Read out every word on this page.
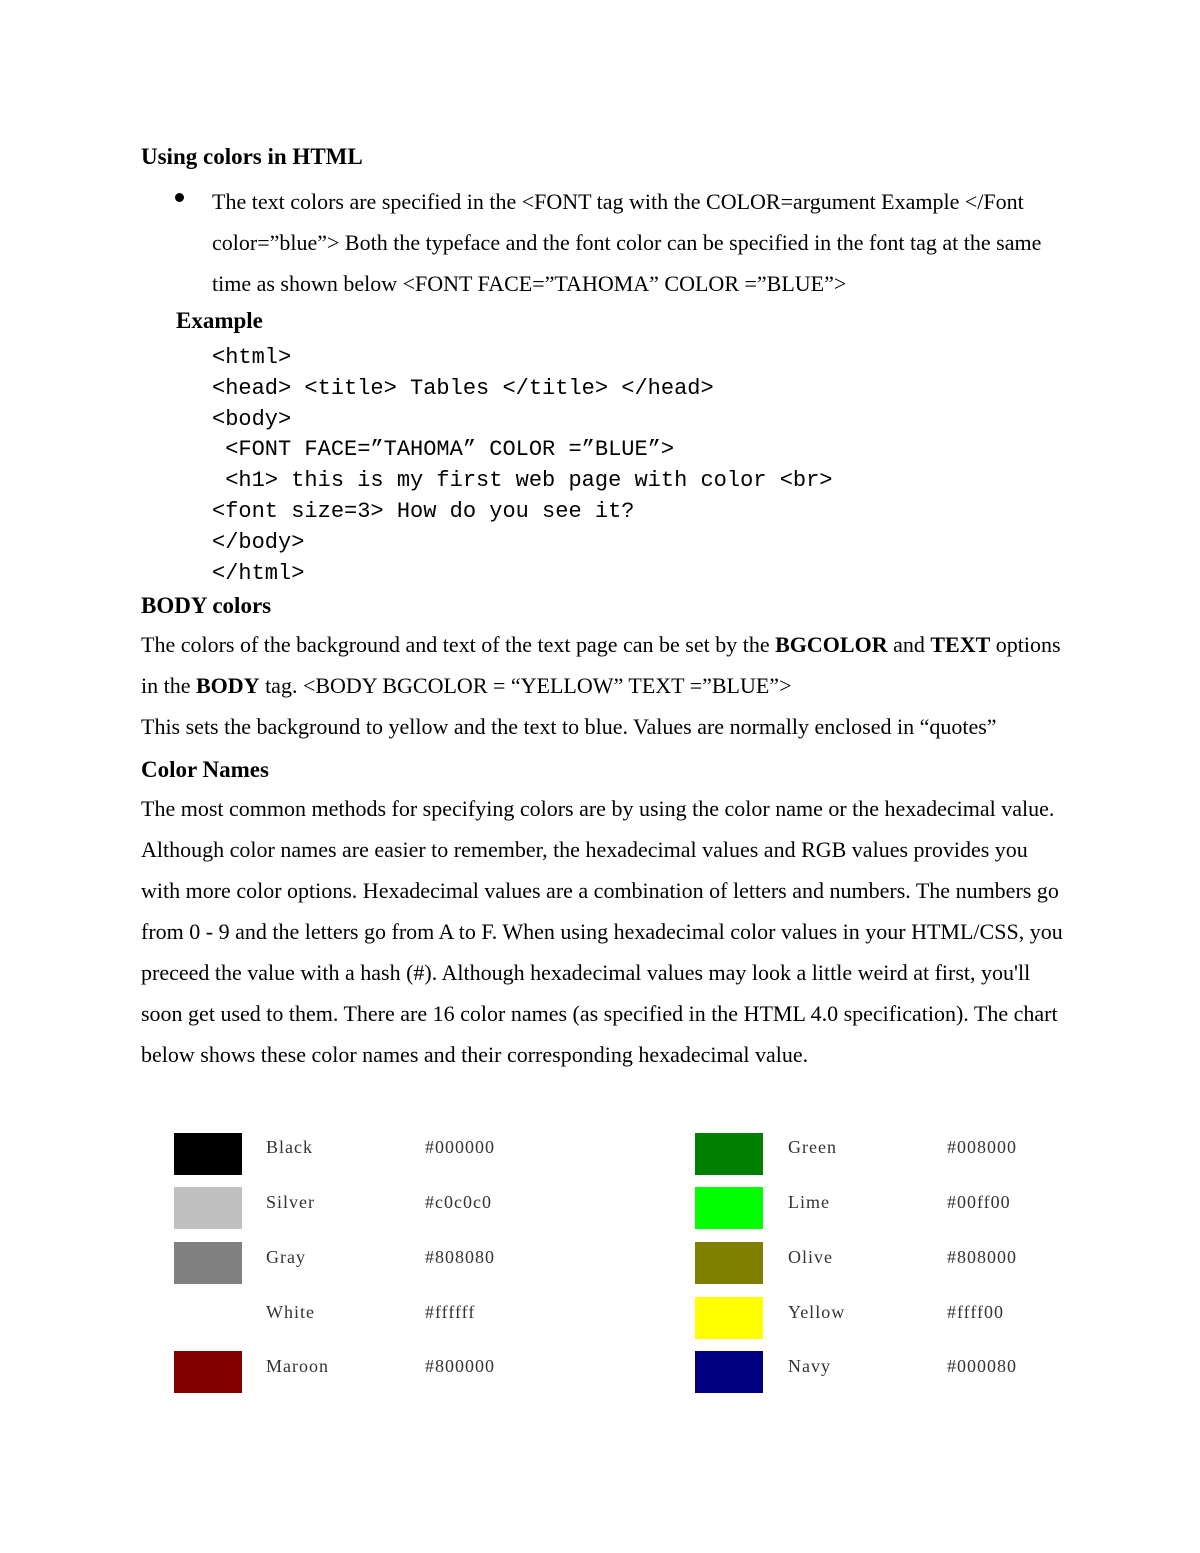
Using colors in HTML
The text colors are specified in the <FONT tag with the COLOR=argument Example </Font color=”blue”> Both the typeface and the font color can be specified in the font tag at the same time as shown below <FONT FACE=”TAHOMA” COLOR =”BLUE”>
Example
<html>
<head> <title> Tables </title> </head>
<body>
<FONT FACE=”TAHOMA” COLOR =”BLUE”>
<h1> this is my first web page with color <br>
<font size=3> How do you see it?
</body>
</html>
BODY colors
The colors of the background and text of the text page can be set by the BGCOLOR and TEXT options in the BODY tag. <BODY BGCOLOR = “YELLOW” TEXT =”BLUE”>
This sets the background to yellow and the text to blue. Values are normally enclosed in “quotes”
Color Names
The most common methods for specifying colors are by using the color name or the hexadecimal value. Although color names are easier to remember, the hexadecimal values and RGB values provides you with more color options. Hexadecimal values are a combination of letters and numbers. The numbers go from 0 - 9 and the letters go from A to F. When using hexadecimal color values in your HTML/CSS, you preceed the value with a hash (#). Although hexadecimal values may look a little weird at first, you'll soon get used to them. There are 16 color names (as specified in the HTML 4.0 specification). The chart below shows these color names and their corresponding hexadecimal value.
Black	#000000
Silver	#c0c0c0
Gray	#808080
White	#ffffff
Maroon	#800000
Green	#008000
Lime	#00ff00
Olive	#808000
Yellow	#ffff00
Navy	#000080
